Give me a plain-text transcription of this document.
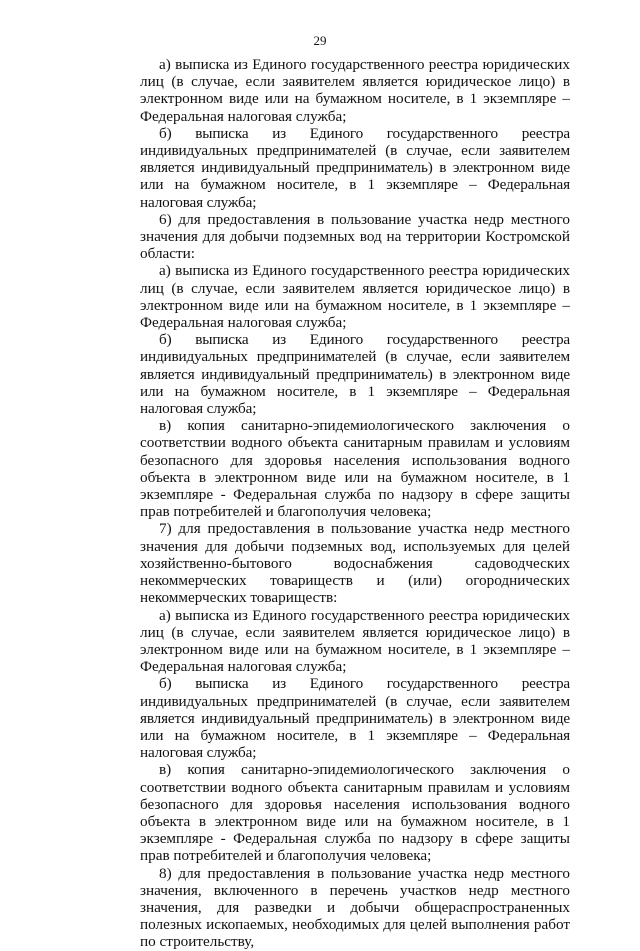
29

а) выписка из Единого государственного реестра юридических лиц (в случае, если заявителем является юридическое лицо) в электронном виде или на бумажном носителе, в 1 экземпляре – Федеральная налоговая служба;

б) выписка из Единого государственного реестра индивидуальных предпринимателей (в случае, если заявителем является индивидуальный предприниматель) в электронном виде или на бумажном носителе, в 1 экземпляре – Федеральная налоговая служба;

6) для предоставления в пользование участка недр местного значения для добычи подземных вод на территории Костромской области:

а) выписка из Единого государственного реестра юридических лиц (в случае, если заявителем является юридическое лицо) в электронном виде или на бумажном носителе, в 1 экземпляре – Федеральная налоговая служба;

б) выписка из Единого государственного реестра индивидуальных предпринимателей (в случае, если заявителем является индивидуальный предприниматель) в электронном виде или на бумажном носителе, в 1 экземпляре – Федеральная налоговая служба;

в) копия санитарно-эпидемиологического заключения о соответствии водного объекта санитарным правилам и условиям безопасного для здоровья населения использования водного объекта в электронном виде или на бумажном носителе, в 1 экземпляре - Федеральная служба по надзору в сфере защиты прав потребителей и благополучия человека;

7) для предоставления в пользование участка недр местного значения для добычи подземных вод, используемых для целей хозяйственно-бытового водоснабжения садоводческих некоммерческих товариществ и (или) огороднических некоммерческих товариществ:

а) выписка из Единого государственного реестра юридических лиц (в случае, если заявителем является юридическое лицо) в электронном виде или на бумажном носителе, в 1 экземпляре – Федеральная налоговая служба;

б) выписка из Единого государственного реестра индивидуальных предпринимателей (в случае, если заявителем является индивидуальный предприниматель) в электронном виде или на бумажном носителе, в 1 экземпляре – Федеральная налоговая служба;

в) копия санитарно-эпидемиологического заключения о соответствии водного объекта санитарным правилам и условиям безопасного для здоровья населения использования водного объекта в электронном виде или на бумажном носителе, в 1 экземпляре - Федеральная служба по надзору в сфере защиты прав потребителей и благополучия человека;

8) для предоставления в пользование участка недр местного значения, включенного в перечень участков недр местного значения, для разведки и добычи общераспространенных полезных ископаемых, необходимых для целей выполнения работ по строительству,
